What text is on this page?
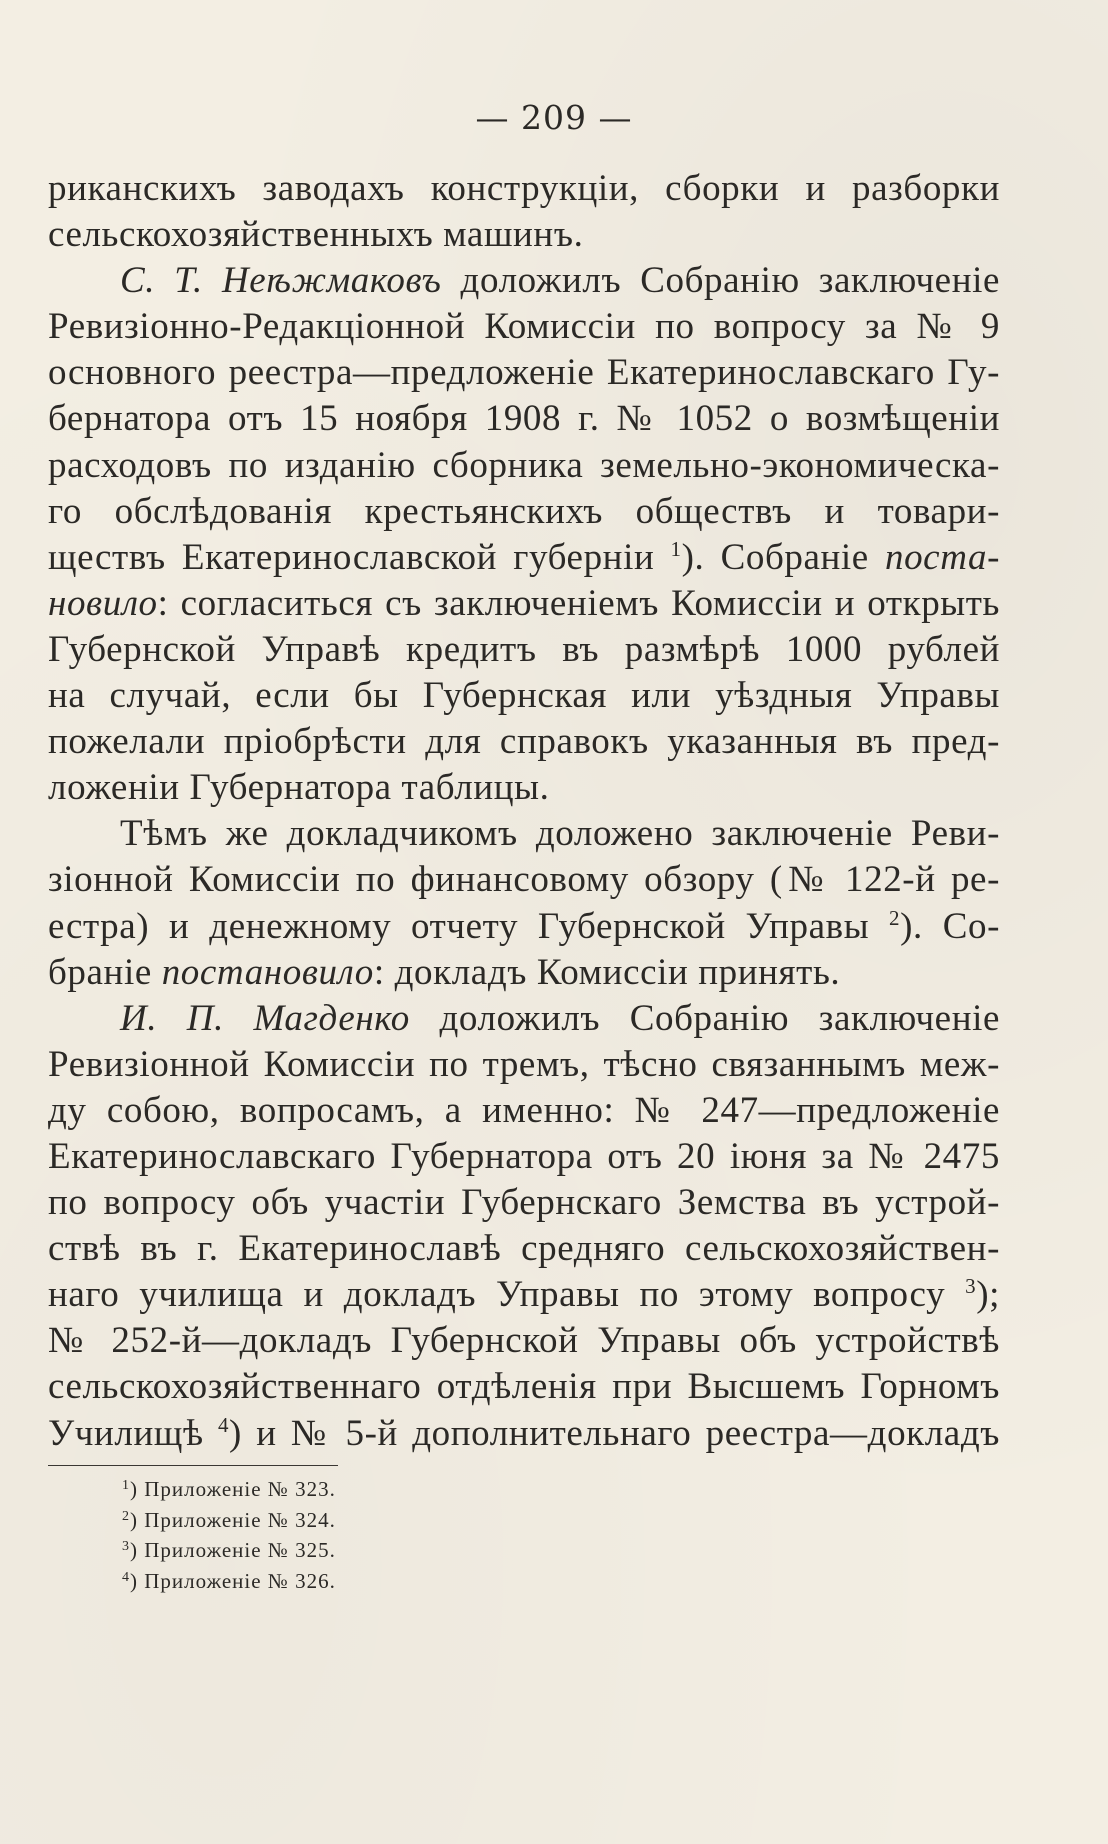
— 209 —
риканскихъ заводахъ конструкціи, сборки и разборки
сельскохозяйственныхъ машинъ.
С. Т. Неѣжмаковъ доложилъ Собранію заключеніе
Ревизіонно-Редакціонной Комиссіи по вопросу за № 9
основного реестра—предложеніе Екатеринославскаго Гу-
бернатора отъ 15 ноября 1908 г. № 1052 о возмѣщеніи
расходовъ по изданію сборника земельно-экономическа-
го обслѣдованія крестьянскихъ обществъ и товари-
ществъ Екатеринославской губерніи $^1$). Собраніе поста-
нoвилo: согласиться съ заключеніемъ Комиссіи и открыть
Губернской Управѣ кредитъ въ размѣрѣ 1000 рублей
на случай, если бы Губернская или уѣздныя Управы
пожелали пріобрѣсти для справокъ указанныя въ пред-
ложеніи Губернатора таблицы.
Тѣмъ же докладчикомъ доложено заключеніе Реви-
зіонной Комиссіи по финансовому обзору (№ 122-й ре-
естра) и денежному отчету Губернской Управы $^2$). Со-
браніе постановило: докладъ Комиссіи принять.
И. П. Магденко доложилъ Собранію заключеніе
Ревизіонной Комиссіи по тремъ, тѣсно связаннымъ меж-
ду собою, вопросамъ, а именно: № 247—предложеніе
Екатеринославскаго Губернатора отъ 20 іюня за № 2475
по вопросу объ участіи Губернскаго Земства въ устрой-
ствѣ въ г. Екатеринославѣ средняго сельскохозяйствен-
наго училища и докладъ Управы по этому вопросу $^3$);
№ 252-й—докладъ Губернской Управы объ устройствѣ
сельскохозяйственнаго отдѣленія при Высшемъ Горномъ
Училищѣ $^4$) и № 5-й дополнительнаго реестра—докладъ
$^1$) Приложеніе № 323.
$^2$) Приложеніе № 324.
$^3$) Приложеніе № 325.
$^4$) Приложеніе № 326.
